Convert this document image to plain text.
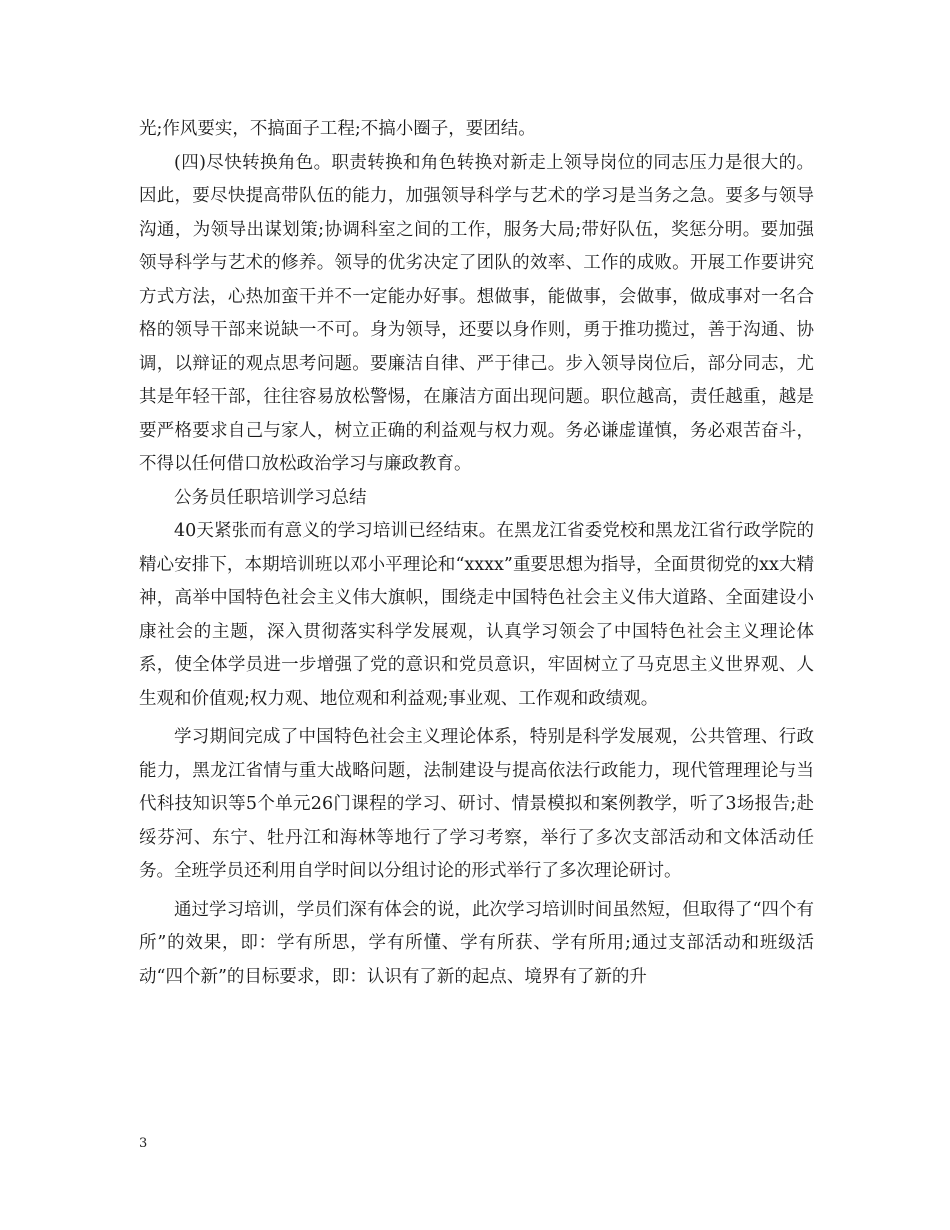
光;作风要实，不搞面子工程;不搞小圈子，要团结。

(四)尽快转换角色。职责转换和角色转换对新走上领导岗位的同志压力是很大的。因此，要尽快提高带队伍的能力，加强领导科学与艺术的学习是当务之急。要多与领导沟通，为领导出谋划策;协调科室之间的工作，服务大局;带好队伍，奖惩分明。要加强领导科学与艺术的修养。领导的优劣决定了团队的效率、工作的成败。开展工作要讲究方式方法，心热加蛮干并不一定能办好事。想做事，能做事，会做事，做成事对一名合格的领导干部来说缺一不可。身为领导，还要以身作则，勇于推功揽过，善于沟通、协调，以辩证的观点思考问题。要廉洁自律、严于律己。步入领导岗位后，部分同志，尤其是年轻干部，往往容易放松警惕，在廉洁方面出现问题。职位越高，责任越重，越是要严格要求自己与家人，树立正确的利益观与权力观。务必谦虚谨慎，务必艰苦奋斗，不得以任何借口放松政治学习与廉政教育。

公务员任职培训学习总结

40天紧张而有意义的学习培训已经结束。在黑龙江省委党校和黑龙江省行政学院的精心安排下，本期培训班以邓小平理论和“xxxx”重要思想为指导，全面贯彻党的xx大精神，高举中国特色社会主义伟大旗帜，围绕走中国特色社会主义伟大道路、全面建设小康社会的主题，深入贯彻落实科学发展观，认真学习领会了中国特色社会主义理论体系，使全体学员进一步增强了党的意识和党员意识，牢固树立了马克思主义世界观、人生观和价值观;权力观、地位观和利益观;事业观、工作观和政绩观。

学习期间完成了中国特色社会主义理论体系，特别是科学发展观，公共管理、行政能力，黑龙江省情与重大战略问题，法制建设与提高依法行政能力，现代管理理论与当代科技知识等5个单元26门课程的学习、研讨、情景模拟和案例教学，听了3场报告;赴绥芬河、东宁、牡丹江和海林等地行了学习考察，举行了多次支部活动和文体活动任务。全班学员还利用自学时间以分组讨论的形式举行了多次理论研讨。

通过学习培训，学员们深有体会的说，此次学习培训时间虽然短，但取得了“四个有所”的效果，即：学有所思，学有所懂、学有所获、学有所用;通过支部活动和班级活动“四个新”的目标要求，即：认识有了新的起点、境界有了新的升

3
